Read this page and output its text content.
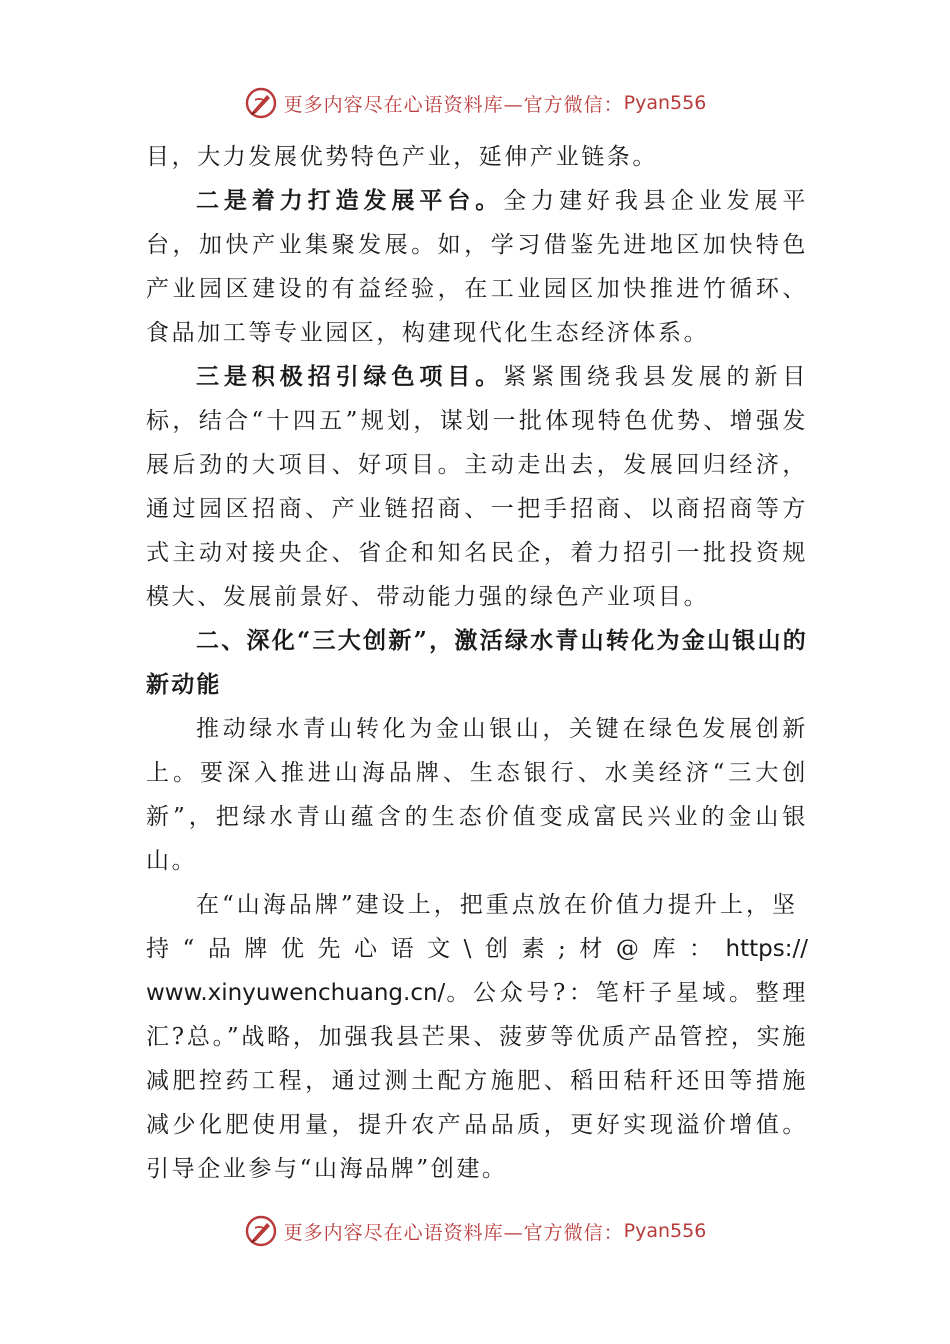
更多内容尽在心语资料库—官方微信： Pyan556

目，大力发展优势特色产业，延伸产业链条。

二是着力打造发展平台。全力建好我县企业发展平台，加快产业集聚发展。如，学习借鉴先进地区加快特色产业园区建设的有益经验，在工业园区加快推进竹循环、食品加工等专业园区，构建现代化生态经济体系。

三是积极招引绿色项目。紧紧围绕我县发展的新目标，结合“十四五”规划，谋划一批体现特色优势、增强发展后劲的大项目、好项目。主动走出去，发展回归经济，通过园区招商、产业链招商、一把手招商、以商招商等方式主动对接央企、省企和知名民企，着力招引一批投资规模大、发展前景好、带动能力强的绿色产业项目。

二、深化“三大创新”，激活绿水青山转化为金山银山的新动能

推动绿水青山转化为金山银山，关键在绿色发展创新上。要深入推进山海品牌、生态银行、水美经济“三大创新”，把绿水青山蕴含的生态价值变成富民兴业的金山银山。

在“山海品牌”建设上，把重点放在价值力提升上，坚持“品牌优先心语文\创素;材@库：https://www.xinyuwenchuang.cn/。公众号?：笔杆子星域。整理汇?总。”战略，加强我县芒果、菠萝等优质产品管控，实施减肥控药工程，通过测土配方施肥、稻田秸秆还田等措施减少化肥使用量，提升农产品品质，更好实现溢价增值。引导企业参与“山海品牌”创建。

更多内容尽在心语资料库—官方微信： Pyan556
